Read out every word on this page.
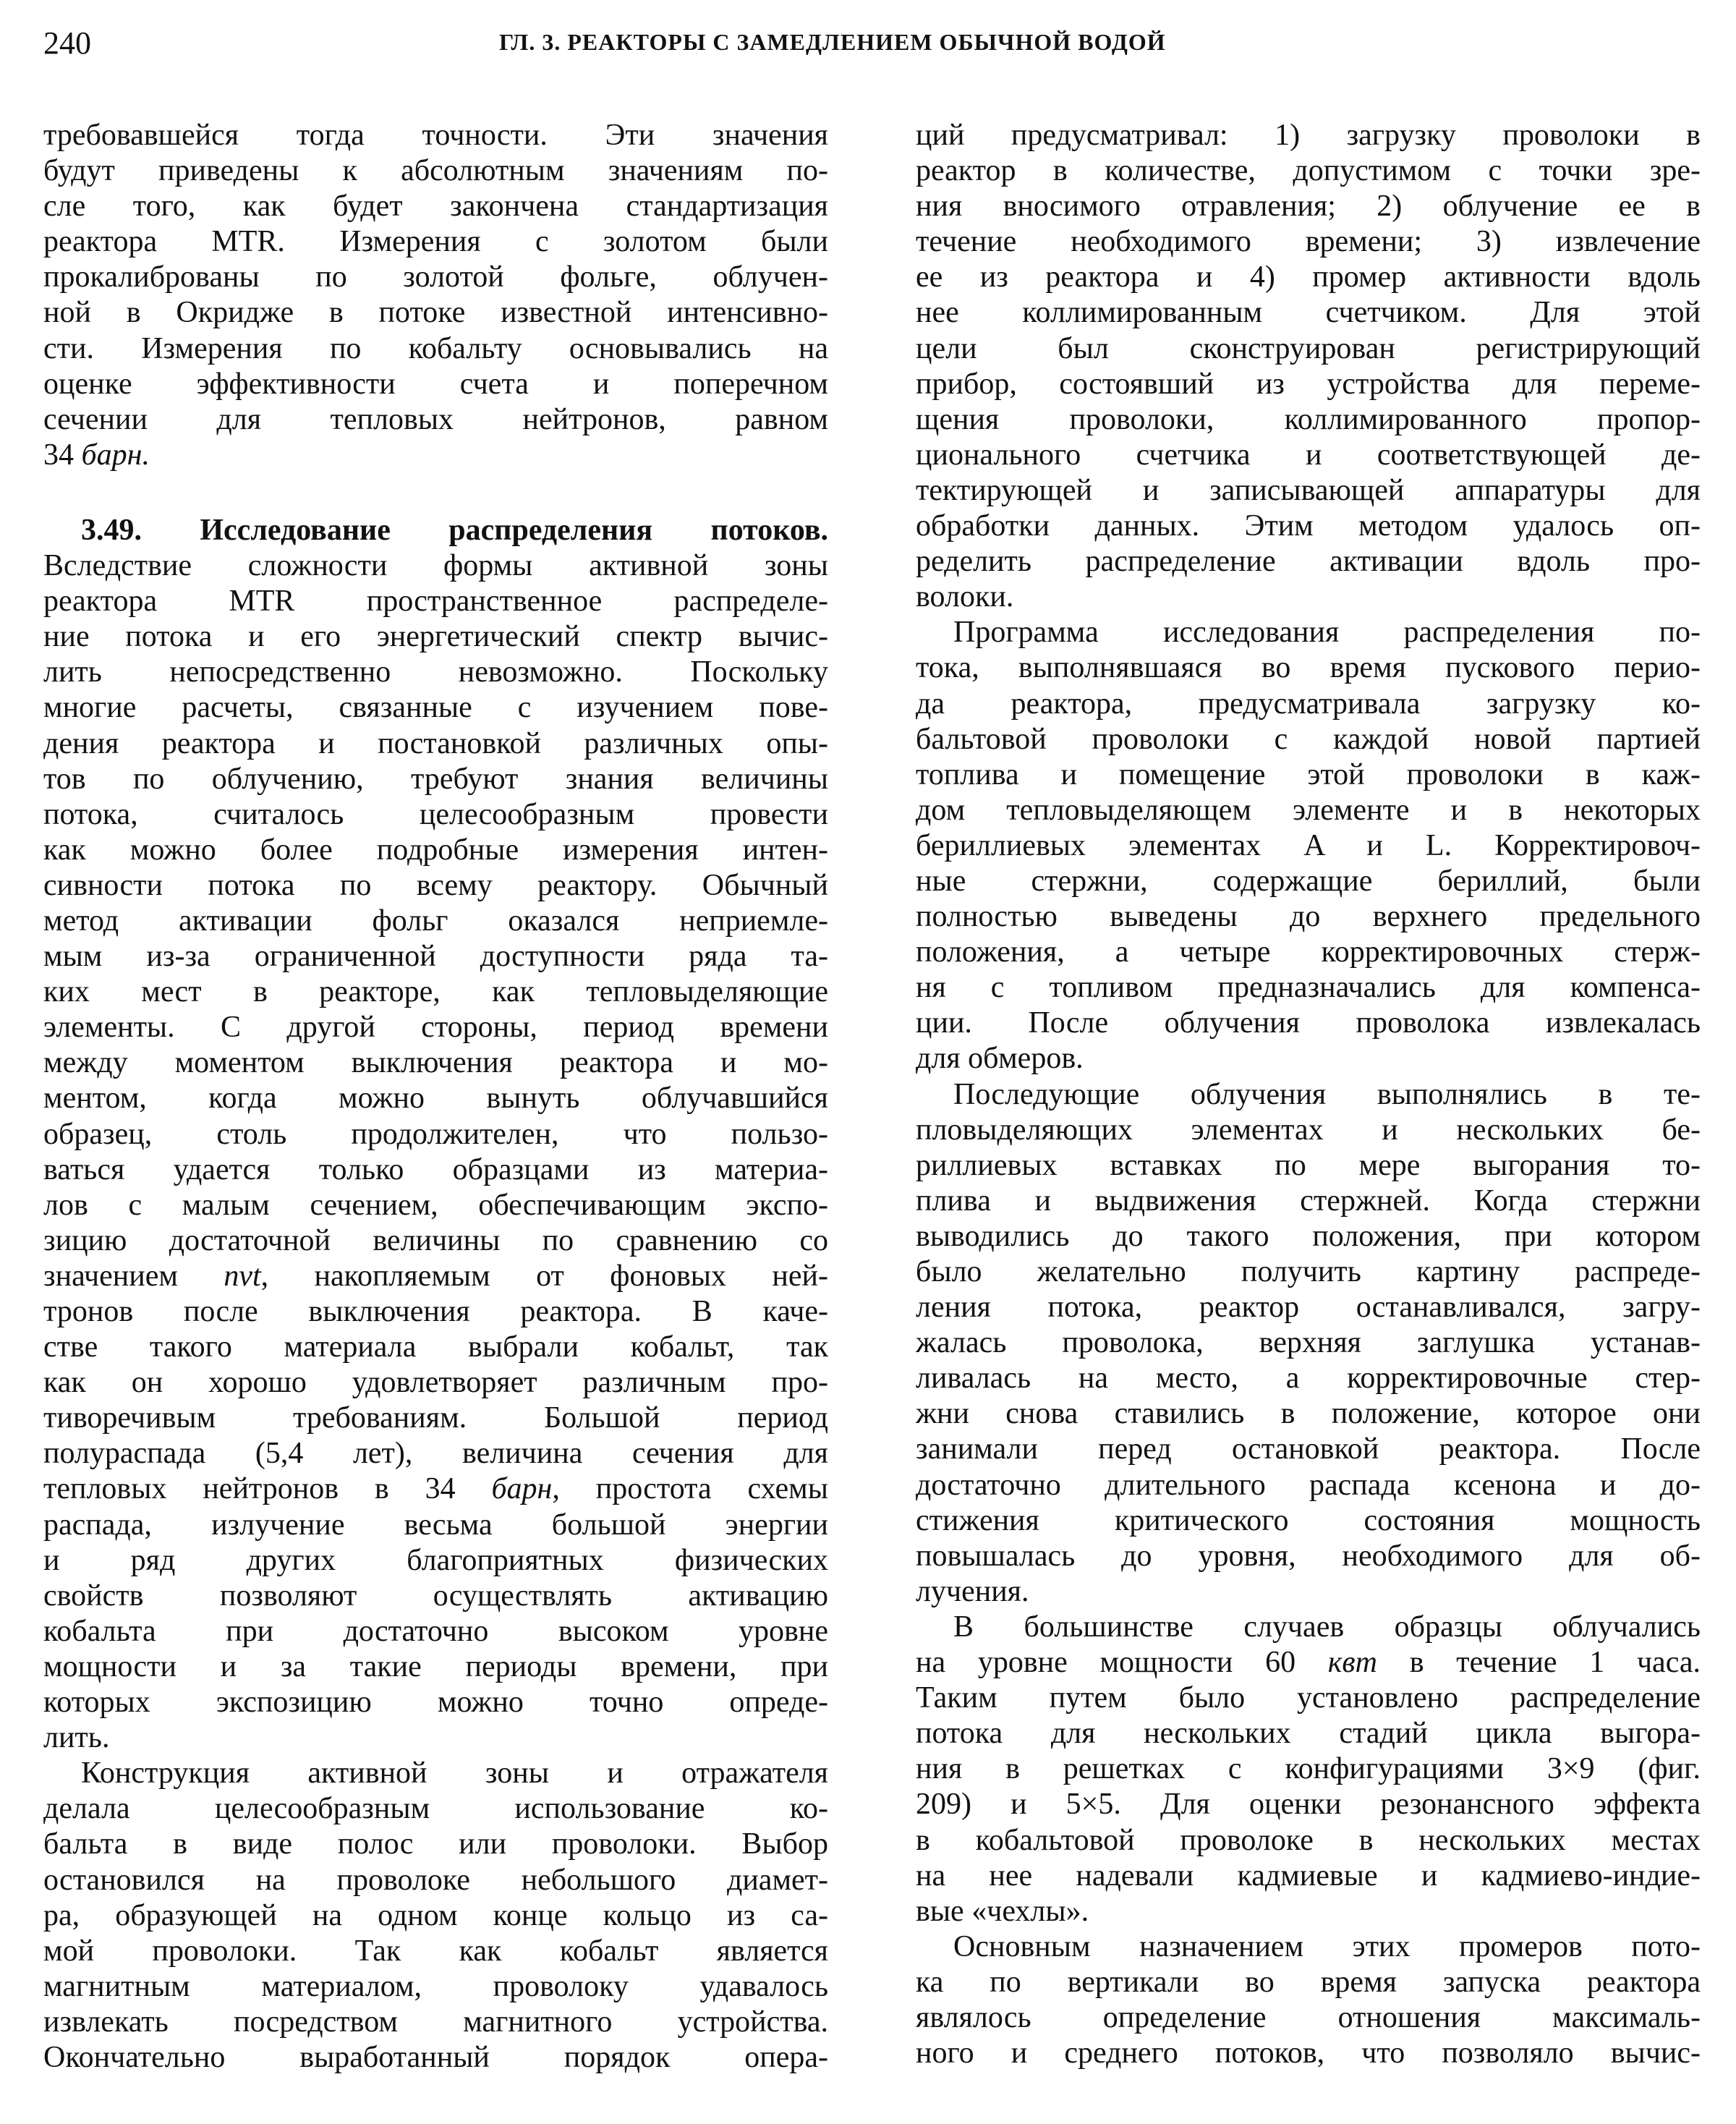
240	ГЛ. 3. РЕАКТОРЫ С ЗАМЕДЛЕНИЕМ ОБЫЧНОЙ ВОДОЙ
требовавшейся тогда точности. Эти значения
будут приведены к абсолютным значениям по-
сле того, как будет закончена стандартизация
реактора MTR. Измерения с золотом были
прокалиброваны по золотой фольге, облучен-
ной в Окридже в потоке известной интенсивно-
сти. Измерения по кобальту основывались на
оценке эффективности счета и поперечном
сечении для тепловых нейтронов, равном
34 барн.
3.49. Исследование распределения потоков.
Вследствие сложности формы активной зоны
реактора MTR пространственное распределе-
ние потока и его энергетический спектр вычис-
лить непосредственно невозможно. Поскольку
многие расчеты, связанные с изучением пове-
дения реактора и постановкой различных опы-
тов по облучению, требуют знания величины
потока, считалось целесообразным провести
как можно более подробные измерения интен-
сивности потока по всему реактору. Обычный
метод активации фольг оказался неприемле-
мым из-за ограниченной доступности ряда та-
ких мест в реакторе, как тепловыделяющие
элементы. С другой стороны, период времени
между моментом выключения реактора и мо-
ментом, когда можно вынуть облучавшийся
образец, столь продолжителен, что пользо-
ваться удается только образцами из материа-
лов с малым сечением, обеспечивающим экспо-
зицию достаточной величины по сравнению со
значением nvt, накопляемым от фоновых ней-
тронов после выключения реактора. В каче-
стве такого материала выбрали кобальт, так
как он хорошо удовлетворяет различным про-
тиворечивым требованиям. Большой период
полураспада (5,4 лет), величина сечения для
тепловых нейтронов в 34 барн, простота схемы
распада, излучение весьма большой энергии
и ряд других благоприятных физических
свойств позволяют осуществлять активацию
кобальта при достаточно высоком уровне
мощности и за такие периоды времени, при
которых экспозицию можно точно опреде-
лить.
Конструкция активной зоны и отражателя
делала целесообразным использование ко-
бальта в виде полос или проволоки. Выбор
остановился на проволоке небольшого диамет-
ра, образующей на одном конце кольцо из са-
мой проволоки. Так как кобальт является
магнитным материалом, проволоку удавалось
извлекать посредством магнитного устройства.
Окончательно выработанный порядок опера-
ций предусматривал: 1) загрузку проволоки в
реактор в количестве, допустимом с точки зре-
ния вносимого отравления; 2) облучение ее в
течение необходимого времени; 3) извлечение
ее из реактора и 4) промер активности вдоль
нее коллимированным счетчиком. Для этой
цели был сконструирован регистрирующий
прибор, состоявший из устройства для переме-
щения проволоки, коллимированного пропор-
ционального счетчика и соответствующей де-
тектирующей и записывающей аппаратуры для
обработки данных. Этим методом удалось оп-
ределить распределение активации вдоль про-
волоки.
Программа исследования распределения по-
тока, выполнявшаяся во время пускового перио-
да реактора, предусматривала загрузку ко-
бальтовой проволоки с каждой новой партией
топлива и помещение этой проволоки в каж-
дом тепловыделяющем элементе и в некоторых
бериллиевых элементах A и L. Корректировоч-
ные стержни, содержащие бериллий, были
полностью выведены до верхнего предельного
положения, а четыре корректировочных стерж-
ня с топливом предназначались для компенса-
ции. После облучения проволока извлекалась
для обмеров.
Последующие облучения выполнялись в те-
пловыделяющих элементах и нескольких бе-
риллиевых вставках по мере выгорания то-
плива и выдвижения стержней. Когда стержни
выводились до такого положения, при котором
было желательно получить картину распреде-
ления потока, реактор останавливался, загру-
жалась проволока, верхняя заглушка устанав-
ливалась на место, а корректировочные стер-
жни снова ставились в положение, которое они
занимали перед остановкой реактора. После
достаточно длительного распада ксенона и до-
стижения критического состояния мощность
повышалась до уровня, необходимого для об-
лучения.
В большинстве случаев образцы облучались
на уровне мощности 60 квт в течение 1 часа.
Таким путем было установлено распределение
потока для нескольких стадий цикла выгора-
ния в решетках с конфигурациями 3×9 (фиг.
209) и 5×5. Для оценки резонансного эффекта
в кобальтовой проволоке в нескольких местах
на нее надевали кадмиевые и кадмиево-индие-
вые «чехлы».
Основным назначением этих промеров пото-
ка по вертикали во время запуска реактора
являлось определение отношения максималь-
ного и среднего потоков, что позволяло вычис-
